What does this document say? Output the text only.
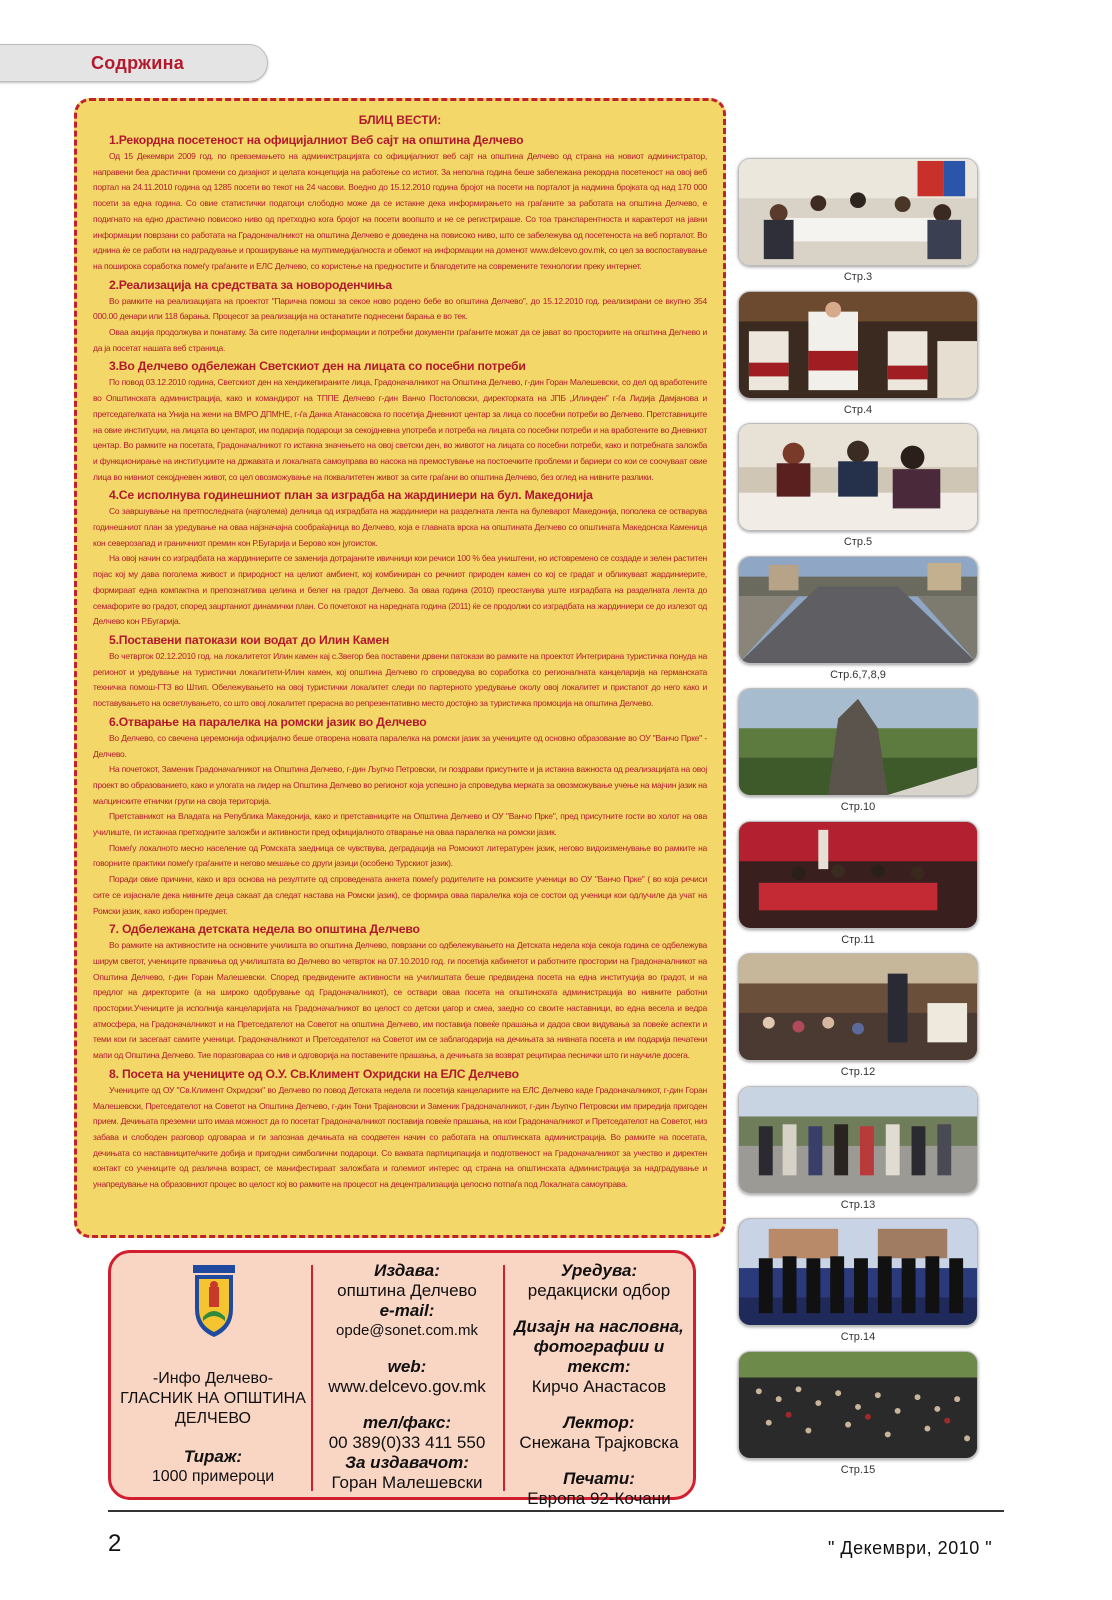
Содржина
БЛИЦ ВЕСТИ:
1.Рекордна посетеност на официјалниот Веб сајт на општина Делчево

Од 15 Декември 2009 год. по превземањето на администрацијата со официјалниот веб сајт на општина Делчево од страна на новиот администратор, направени беа драстични промени со дизајнот и целата концепција на работење со истиот. За неполна година беше забележана рекордна посетеност на овој веб портал на 24.11.2010 година од 1285 посети во текот на 24 часови. Воедно до 15.12.2010 година бројот на посети на порталот ја надмина бројката од над 170 000 посети за една година. Со овие статистички податоци слободно може да се истакне дека информирањето на граѓаните за работата на општина Делчево, е подигнато на едно драстично повисоко ниво од претходно кога бројот на посети воопшто и не се регистрираше. Со тоа транспарентноста и карактерот на јавни информации поврзани со работата на Градоначалникот на општина Делчево е доведена на повисоко ниво, што се забележува од посетеноста на веб порталот. Во иднина ќе се работи на надградување и проширување на мултимедијалноста и обемот на информации на доменот www.delcevo.gov.mk, со цел за воспоставување на поширока соработка помеѓу граѓаните и ЕЛС Делчево, со користење на предностите и благодетите на современите технологии преку интернет.

2.Реализација на средствата за новороденчиња

Во рамките на реализацијата на проектот "Парична помош за секое ново родено бебе во општина Делчево", до 15.12.2010 год. реализирани се вкупно 354 000.00 денари или 118 барања. Процесот за реализација на останатите поднесени барања е во тек.

Оваа акција продолжува и понатаму. За сите подетални информации и потребни документи граѓаните можат да се јават во просториите на општина Делчево и да ја посетат нашата веб страница.

3.Во Делчево одбележан Светскиот ден на лицата со посебни потреби

По повод 03.12.2010 година, Светскиот ден на хендикепираните лица, Градоначалникот на Општина Делчево, г-дин Горан Малешевски, со дел од вработените во Општинската администрација, како и командирот на ТППЕ Делчево г-дин Ванчо Постоловски, директорката на ЈПБ „Илинден" г-ѓа Лидија Дамјанова и претседателката на Унија на жени на ВМРО ДПМНЕ, г-ѓа Данка Атанасовска го посетија Дневниот центар за лица со посебни потреби во Делчево. Претставниците на овие институции, на лицата во центарот, им подарија подароци за секојдневна употреба и потреба на лицата со посебни потреби и на вработените во Дневниот центар. Во рамките на посетата, Градоначалникот го истакна значењето на овој светски ден, во животот на лицата со посебни потреби, како и потребната заложба и функционирање на институциите на државата и локалната самоуправа во насока на премостување на постоечките проблеми и бариери со кои се соочуваат овие лица во нивниот секојдневен живот, со цел овозможување на поквалитетен живот за сите граѓани во општина Делчево, без оглед на нивните разлики.

4.Се исполнува годинешниот план за изградба на жардиниери на бул. Македонија

Со завршување на претпоследната (најголема) делница од изградбата на жардиниери на разделната лента на булеварот Македонија, пополека се остварува годинешниот план за уредување на оваа најзначајна сообраќајница во Делчево, која е главната врска на општината Делчево со општината Македонска Каменица кон северозапад и граничниот премин кон Р.Бугарија и Берово кон југоисток.

На овој начин со изградбата на жардиниерите се заменија дотрајаните ивичници кои речиси 100 % беа уништени, но истовремено се создаде и зелен раститен појас кој му дава поголема живост и природност на целиот амбиент, кој комбиниран со речниот природен камен со кој се градат и обликуваат жардиниерите, формираат една компактна и препознатлива целина и белег на градот Делчево. За оваа година (2010) преостанува уште изградбата на разделната лента до семафорите во градот, според зацртаниот динамички план. Со почетокот на наредната година (2011) ќе се продолжи со изградбата на жардиниери се до излезот од Делчево кон Р.Бугарија.

5.Поставени патокази кои водат до Илин Камен

Во четврток 02.12.2010 год. на локалитетот Илин камен кај с.Звегор беа поставени дрвени патокази во рамките на проектот Интегрирана туристичка понуда на регионот и уредување на туристички локалитети-Илин камен, кој општина Делчево го спроведува во соработка со регионалната канцеларија на германската техничка помош-ГТЗ во Штип. Обележувањето на овој туристички локалитет следи по партерното уредување околу овој локалитет и пристапот до него како и поставувањето на осветлувањето, со што овој локалитет прерасна во репрезентативно место достојно за туристичка промоција на општина Делчево.

6.Отварање на паралелка на ромски јазик во Делчево

Во Делчево, со свечена церемонија официјално беше отворена новата паралелка на ромски јазик за учениците од основно образование во ОУ "Ванчо Прке" - Делчево.

На почетокот, Заменик Градоначалникот на Општина Делчево, г-дин Љупчо Петровски, ги поздрави присутните и ја истакна важноста од реализацијата на овој проект во образованието, како и улогата на лидер на Општина Делчево во регионот која успешно ја спроведува мерката за овозможување учење на мајчин јазик на малцинските етнички групи на своја територија.

Претставникот на Владата на Република Македонија, како и претставниците на Општина Делчево и ОУ "Ванчо Прке", пред присутните гости во холот на овa училиште, ги истакнаа претходните заложби и активности пред официјалното отварање на оваа паралелка на ромски јазик.

Помеѓу локалното месно население од Ромската заедница се чувствува, деградација на Ромскиот литературен јазик, негово видоизменување во рамките на говорните практики помеѓу граѓаните и негово мешање со други јазици (особено Турскиот јазик).

Поради овие причини, како и врз основа на резултите од спроведената анкета помеѓу родителите на ромските ученици во ОУ "Ванчо Прке" ( во која речиси сите се изјаснале дека нивните деца сакаат да следат настава на Ромски јазик), се формира оваа паралелка која се состои од ученици кои одлучиле да учат на Ромски јазик, како изборен предмет.

7. Одбележана детската недела во општина Делчево

Во рамките на активностите на основните училишта во општина Делчево, поврзани со одбележувањето на Детската недела која секоја година се одбележува ширум светот, учениците првачиња од училиштата во Делчево во четврток на 07.10.2010 год. ги посетија кабинетот и работните простории на Градоначалникот на Општина Делчево, г-дин Горан Малешевски. Според предвидените активности на училиштата беше предвидена посета на една институција во градот, и на предлог на директорите (а на широко одобрување од Градоначалникот), се оствари оваа посета на општинската администрација во нивните работни простории.Учениците ја исполнија канцеларијата на Градоначалникот во целост со детски џагор и смеа, заедно со своите наставници, во една весела и ведра атмосфера, на Градоначалникот и на Претседателот на Советот на општина Делчево, им поставија повеќе прашања и дадоа свои видувања за повеќе аспекти и теми кои ги засегаат самите ученици. Градоначалникот и Претседателот на Советот им се заблагодарија на дечињата за нивната посета и им подарија печатени мапи од Општина Делчево. Тие поразговараа со нив и одговорија на поставените прашања, а дечињата за возврат рецитираа песнички што ги научиле досега.

8. Посета на учениците од О.У. Св.Климент Охридски на ЕЛС Делчево

Учениците од ОУ "Св.Климент Охридски" во Делчево по повод Детската недела ги посетија канцелариите на ЕЛС Делчево каде Градоначалникот, г-дин Горан Малешевски, Претседателот на Советот на Општина Делчево, г-дин Тони Трајановски и Заменик Градоначалникот, г-дин Љупчо Петровски им приредија пригоден прием. Дечињата преземни што имаа можност да го посетат Градоначалникот поставија повеќе прашања, на кои Градоначалникот и Претседателот на Советот, низ забава и слободен разговор одговараа и ги запознаа дечињата на соодветен начин со работата на општинската администрација. Во рамките на посетата, дечињата со наставниците/чките добија и пригодни симболични подароци. Со ваквата партиципација и подготвеност на Градоначалникот за учество и директен контакт со учениците од различна возраст, се манифестираат заложбата и големиот интерес од страна на општинската администрација за надградување и унапредување на образовниот процес во целост кој во рамките на процесот на децентрализација целосно потпаѓа под Локалната самоуправа.

Стр.3
Стр.4
Стр.5
Стр.6,7,8,9
Стр.10
Стр.11
Стр.12
Стр.13
Стр.14
Стр.15
-Инфо Делчево-
ГЛАСНИК НА ОПШТИНА
ДЕЛЧЕВО
Тираж:
1000 примероци
Издава:
општина Делчево
e-mail:
opde@sonet.com.mk
web:
www.delcevo.gov.mk
тел/факс:
00 389(0)33 411 550
За издавачот:
Горан Малешевски
Уредува:
редакциски одбор
Дизајн на насловна,
фотографии и текст:
Кирчо Анастасов
Лектор:
Снежана Трајковска
Печати:
Европа 92-Кочани
2	" Декември, 2010 "
